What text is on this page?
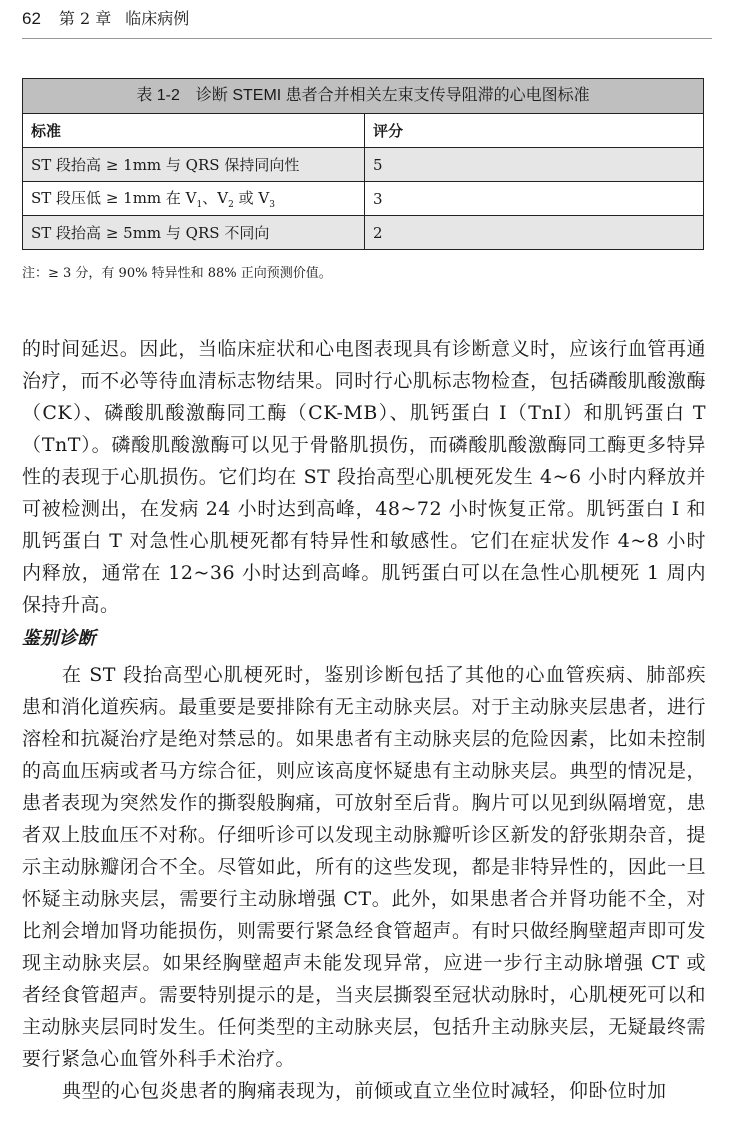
62 第 2 章 临床病例
表 1-2　诊断 STEMI 患者合并相关左束支传导阻滞的心电图标准
标准	评分
ST 段抬高 ≥ 1mm 与 QRS 保持同向性	5
ST 段压低 ≥ 1mm 在 $V_1$、$V_2$ 或 $V_3$	3
ST 段抬高 ≥ 5mm 与 QRS 不同向	2
注：≥ 3 分，有 90% 特异性和 88% 正向预测价值。

的时间延迟。因此，当临床症状和心电图表现具有诊断意义时，应该行血管再通治疗，而不必等待血清标志物结果。同时行心肌标志物检查，包括磷酸肌酸激酶（CK）、磷酸肌酸激酶同工酶（CK-MB）、肌钙蛋白 I（TnI）和肌钙蛋白 T（TnT）。磷酸肌酸激酶可以见于骨骼肌损伤，而磷酸肌酸激酶同工酶更多特异性的表现于心肌损伤。它们均在 ST 段抬高型心肌梗死发生 4~6 小时内释放并可被检测出，在发病 24 小时达到高峰，48~72 小时恢复正常。肌钙蛋白 I 和肌钙蛋白 T 对急性心肌梗死都有特异性和敏感性。它们在症状发作 4~8 小时内释放，通常在 12~36 小时达到高峰。肌钙蛋白可以在急性心肌梗死 1 周内保持升高。

鉴别诊断

在 ST 段抬高型心肌梗死时，鉴别诊断包括了其他的心血管疾病、肺部疾患和消化道疾病。最重要是要排除有无主动脉夹层。对于主动脉夹层患者，进行溶栓和抗凝治疗是绝对禁忌的。如果患者有主动脉夹层的危险因素，比如未控制的高血压病或者马方综合征，则应该高度怀疑患有主动脉夹层。典型的情况是，患者表现为突然发作的撕裂般胸痛，可放射至后背。胸片可以见到纵隔增宽，患者双上肢血压不对称。仔细听诊可以发现主动脉瓣听诊区新发的舒张期杂音，提示主动脉瓣闭合不全。尽管如此，所有的这些发现，都是非特异性的，因此一旦怀疑主动脉夹层，需要行主动脉增强 CT。此外，如果患者合并肾功能不全，对比剂会增加肾功能损伤，则需要行紧急经食管超声。有时只做经胸壁超声即可发现主动脉夹层。如果经胸壁超声未能发现异常，应进一步行主动脉增强 CT 或者经食管超声。需要特别提示的是，当夹层撕裂至冠状动脉时，心肌梗死可以和主动脉夹层同时发生。任何类型的主动脉夹层，包括升主动脉夹层，无疑最终需要行紧急心血管外科手术治疗。

典型的心包炎患者的胸痛表现为，前倾或直立坐位时减轻，仰卧位时加
